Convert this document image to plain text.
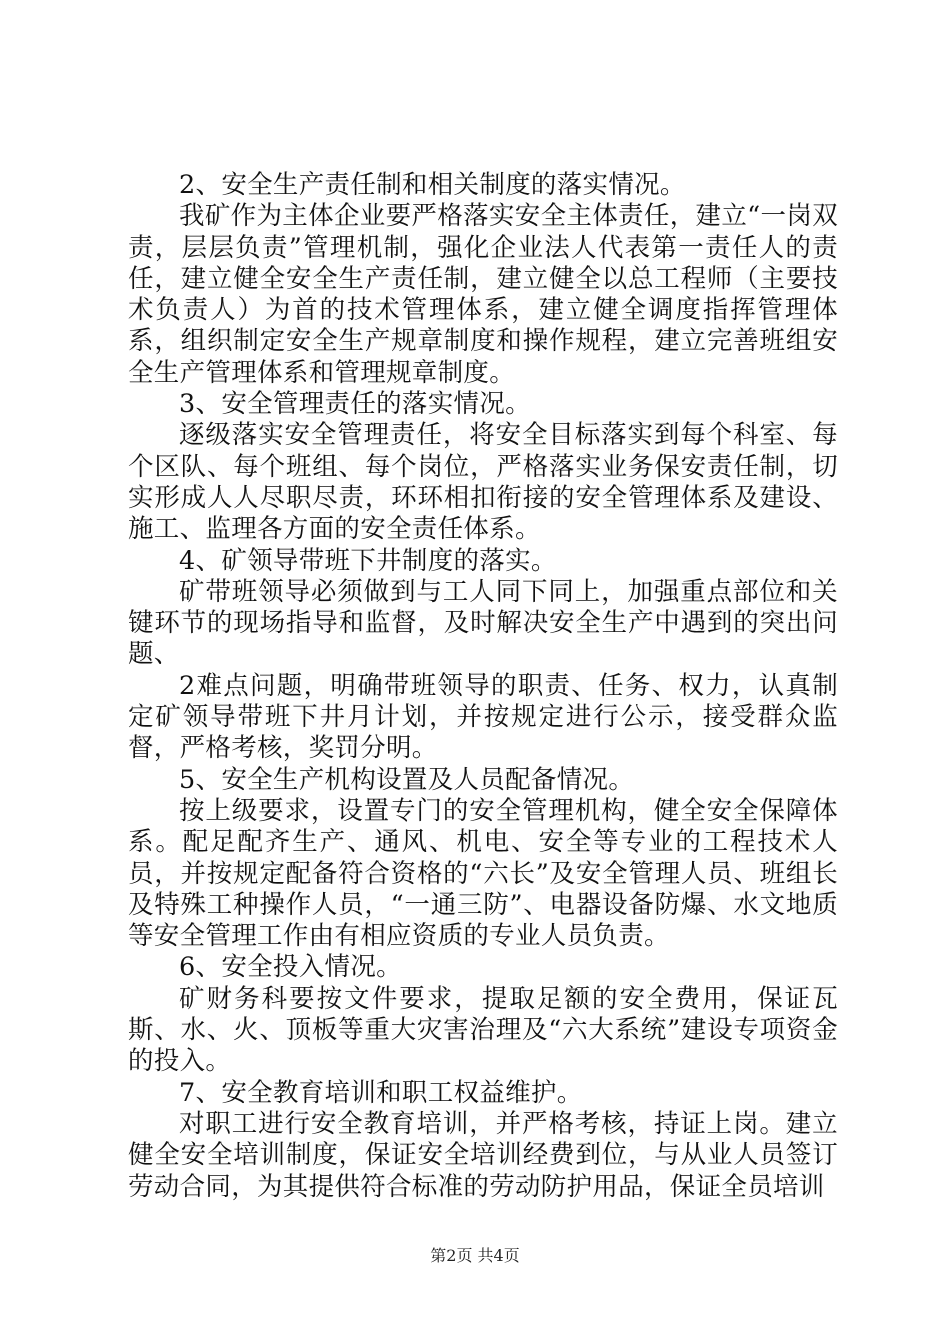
2、安全生产责任制和相关制度的落实情况。

我矿作为主体企业要严格落实安全主体责任，建立“一岗双责，层层负责”管理机制，强化企业法人代表第一责任人的责任，建立健全安全生产责任制，建立健全以总工程师（主要技术负责人）为首的技术管理体系，建立健全调度指挥管理体系，组织制定安全生产规章制度和操作规程，建立完善班组安全生产管理体系和管理规章制度。

3、安全管理责任的落实情况。

逐级落实安全管理责任，将安全目标落实到每个科室、每个区队、每个班组、每个岗位，严格落实业务保安责任制，切实形成人人尽职尽责，环环相扣衔接的安全管理体系及建设、施工、监理各方面的安全责任体系。

4、矿领导带班下井制度的落实。

矿带班领导必须做到与工人同下同上，加强重点部位和关键环节的现场指导和监督，及时解决安全生产中遇到的突出问题、

2难点问题，明确带班领导的职责、任务、权力，认真制定矿领导带班下井月计划，并按规定进行公示，接受群众监督，严格考核，奖罚分明。

5、安全生产机构设置及人员配备情况。

按上级要求，设置专门的安全管理机构，健全安全保障体系。配足配齐生产、通风、机电、安全等专业的工程技术人员，并按规定配备符合资格的“六长”及安全管理人员、班组长及特殊工种操作人员，“一通三防”、电器设备防爆、水文地质等安全管理工作由有相应资质的专业人员负责。

6、安全投入情况。

矿财务科要按文件要求，提取足额的安全费用，保证瓦斯、水、火、顶板等重大灾害治理及“六大系统”建设专项资金的投入。

7、安全教育培训和职工权益维护。

对职工进行安全教育培训，并严格考核，持证上岗。建立健全安全培训制度，保证安全培训经费到位，与从业人员签订劳动合同，为其提供符合标准的劳动防护用品，保证全员培训

第2页 共4页
